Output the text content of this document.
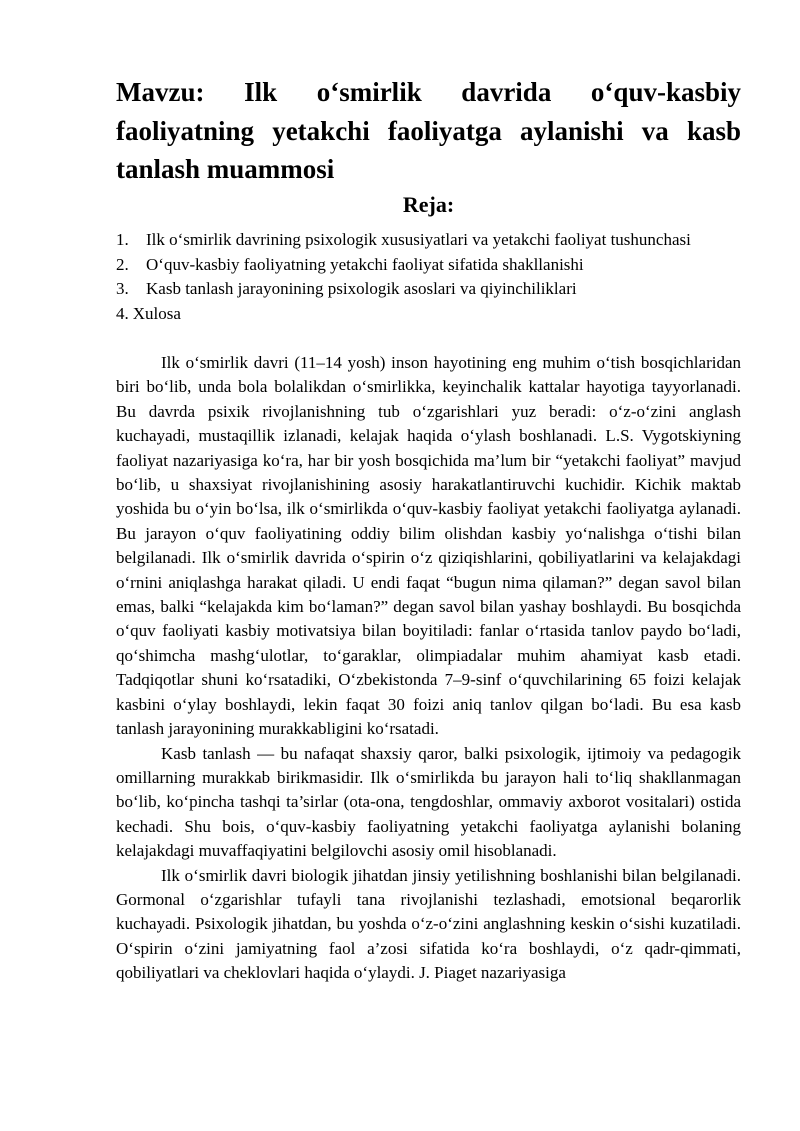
Mavzu: Ilk o‘smirlik davrida o‘quv-kasbiy faoliyatning yetakchi faoliyatga aylanishi va kasb tanlash muammosi
Reja:
1. Ilk o‘smirlik davrining psixologik xususiyatlari va yetakchi faoliyat tushunchasi
2. O‘quv-kasbiy faoliyatning yetakchi faoliyat sifatida shakllanishi
3. Kasb tanlash jarayonining psixologik asoslari va qiyinchiliklari
4. Xulosa

Ilk o‘smirlik davri (11–14 yosh) inson hayotining eng muhim o‘tish bosqichlaridan biri bo‘lib, unda bola bolalikdan o‘smirlikka, keyinchalik kattalar hayotiga tayyorlanadi. Bu davrda psixik rivojlanishning tub o‘zgarishlari yuz beradi: o‘z-o‘zini anglash kuchayadi, mustaqillik izlanadi, kelajak haqida o‘ylash boshlanadi. L.S. Vygotskiyning faoliyat nazariyasiga ko‘ra, har bir yosh bosqichida ma’lum bir “yetakchi faoliyat” mavjud bo‘lib, u shaxsiyat rivojlanishining asosiy harakatlantiruvchi kuchidir. Kichik maktab yoshida bu o‘yin bo‘lsa, ilk o‘smirlikda o‘quv-kasbiy faoliyat yetakchi faoliyatga aylanadi. Bu jarayon o‘quv faoliyatining oddiy bilim olishdan kasbiy yo‘nalishga o‘tishi bilan belgilanadi. Ilk o‘smirlik davrida o‘spirin o‘z qiziqishlarini, qobiliyatlarini va kelajakdagi o‘rnini aniqlashga harakat qiladi. U endi faqat “bugun nima qilaman?” degan savol bilan emas, balki “kelajakda kim bo‘laman?” degan savol bilan yashay boshlaydi. Bu bosqichda o‘quv faoliyati kasbiy motivatsiya bilan boyitiladi: fanlar o‘rtasida tanlov paydo bo‘ladi, qo‘shimcha mashg‘ulotlar, to‘garaklar, olimpiadalar muhim ahamiyat kasb etadi. Tadqiqotlar shuni ko‘rsatadiki, O‘zbekistonda 7–9-sinf o‘quvchilarining 65 foizi kelajak kasbini o‘ylay boshlaydi, lekin faqat 30 foizi aniq tanlov qilgan bo‘ladi. Bu esa kasb tanlash jarayonining murakkabligini ko‘rsatadi.

Kasb tanlash — bu nafaqat shaxsiy qaror, balki psixologik, ijtimoiy va pedagogik omillarning murakkab birikmasidir. Ilk o‘smirlikda bu jarayon hali to‘liq shakllanmagan bo‘lib, ko‘pincha tashqi ta’sirlar (ota-ona, tengdoshlar, ommaviy axborot vositalari) ostida kechadi. Shu bois, o‘quv-kasbiy faoliyatning yetakchi faoliyatga aylanishi bolaning kelajakdagi muvaffaqiyatini belgilovchi asosiy omil hisoblanadi.

Ilk o‘smirlik davri biologik jihatdan jinsiy yetilishning boshlanishi bilan belgilanadi. Gormonal o‘zgarishlar tufayli tana rivojlanishi tezlashadi, emotsional beqarorlik kuchayadi. Psixologik jihatdan, bu yoshda o‘z-o‘zini anglashning keskin o‘sishi kuzatiladi. O‘spirin o‘zini jamiyatning faol a’zosi sifatida ko‘ra boshlaydi, o‘z qadr-qimmati, qobiliyatlari va cheklovlari haqida o‘ylaydi. J. Piaget nazariyasiga
